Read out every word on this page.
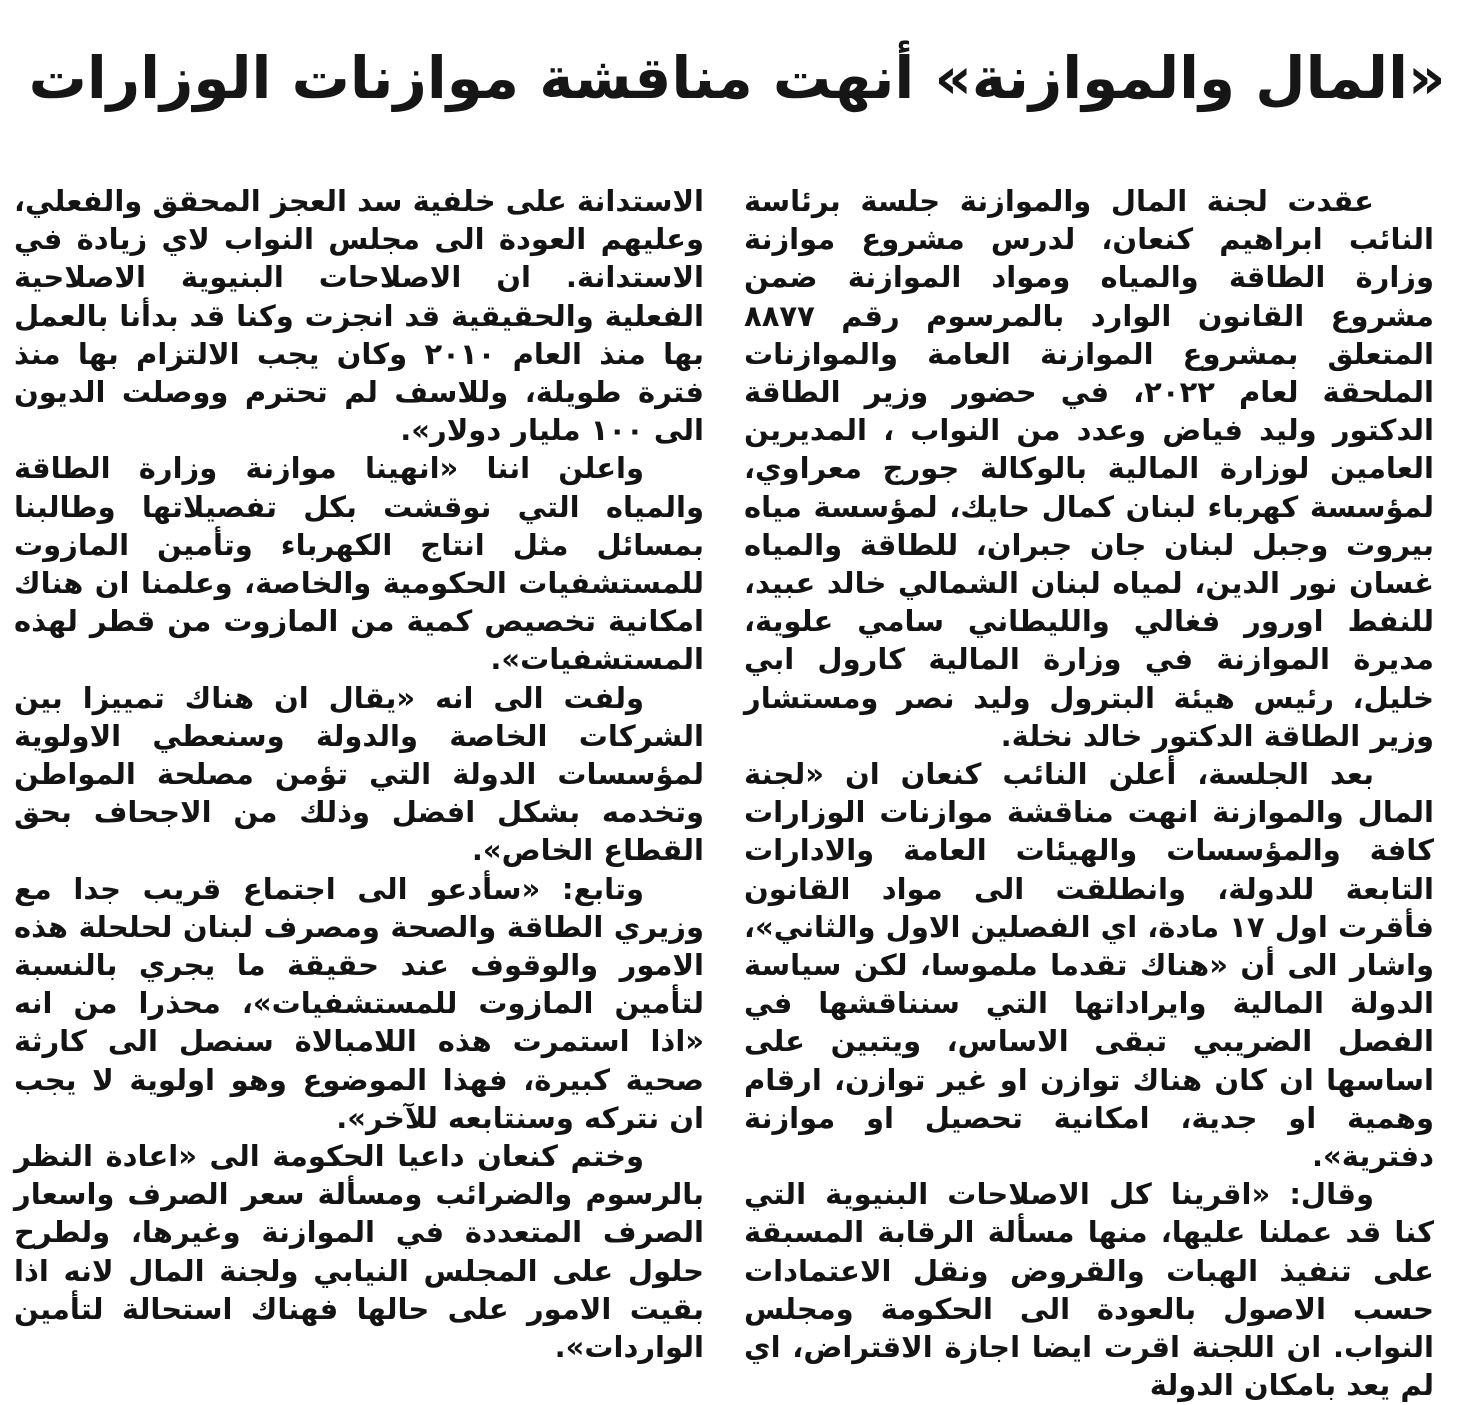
«المال والموازنة» أنهت مناقشة موازنات الوزارات

عقدت لجنة المال والموازنة جلسة برئاسة النائب ابراهيم كنعان، لدرس مشروع موازنة وزارة الطاقة والمياه ومواد الموازنة ضمن مشروع القانون الوارد بالمرسوم رقم ٨٨٧٧ المتعلق بمشروع الموازنة العامة والموازنات الملحقة لعام ٢٠٢٢، في حضور وزير الطاقة الدكتور وليد فياض وعدد من النواب ، المديرين العامين لوزارة المالية بالوكالة جورج معراوي، لمؤسسة كهرباء لبنان كمال حايك، لمؤسسة مياه بيروت وجبل لبنان جان جبران، للطاقة والمياه غسان نور الدين، لمياه لبنان الشمالي خالد عبيد، للنفط اورور فغالي والليطاني سامي علوية، مديرة الموازنة في وزارة المالية كارول ابي خليل، رئيس هيئة البترول وليد نصر ومستشار وزير الطاقة الدكتور خالد نخلة.

بعد الجلسة، أعلن النائب كنعان ان «لجنة المال والموازنة انهت مناقشة موازنات الوزارات كافة والمؤسسات والهيئات العامة والادارات التابعة للدولة، وانطلقت الى مواد القانون فأقرت اول ١٧ مادة، اي الفصلين الاول والثاني»، واشار الى أن «هناك تقدما ملموسا، لكن سياسة الدولة المالية وايراداتها التي سنناقشها في الفصل الضريبي تبقى الاساس، ويتبين على اساسها ان كان هناك توازن او غير توازن، ارقام وهمية او جدية، امكانية تحصيل او موازنة دفترية».

وقال: «اقرينا كل الاصلاحات البنيوية التي كنا قد عملنا عليها، منها مسألة الرقابة المسبقة على تنفيذ الهبات والقروض ونقل الاعتمادات حسب الاصول بالعودة الى الحكومة ومجلس النواب. ان اللجنة اقرت ايضا اجازة الاقتراض، اي لم يعد بامكان الدولة

الاستدانة على خلفية سد العجز المحقق والفعلي، وعليهم العودة الى مجلس النواب لاي زيادة في الاستدانة. ان الاصلاحات البنيوية الاصلاحية الفعلية والحقيقية قد انجزت وكنا قد بدأنا بالعمل بها منذ العام ٢٠١٠ وكان يجب الالتزام بها منذ فترة طويلة، وللاسف لم تحترم ووصلت الديون الى ١٠٠ مليار دولار».

واعلن اننا «انهينا موازنة وزارة الطاقة والمياه التي نوقشت بكل تفصيلاتها وطالبنا بمسائل مثل انتاج الكهرباء وتأمين المازوت للمستشفيات الحكومية والخاصة، وعلمنا ان هناك امكانية تخصيص كمية من المازوت من قطر لهذه المستشفيات».

ولفت الى انه «يقال ان هناك تمييزا بين الشركات الخاصة والدولة وسنعطي الاولوية لمؤسسات الدولة التي تؤمن مصلحة المواطن وتخدمه بشكل افضل وذلك من الاجحاف بحق القطاع الخاص».

وتابع: «سأدعو الى اجتماع قريب جدا مع وزيري الطاقة والصحة ومصرف لبنان لحلحلة هذه الامور والوقوف عند حقيقة ما يجري بالنسبة لتأمين المازوت للمستشفيات»، محذرا من انه «اذا استمرت هذه اللامبالاة سنصل الى كارثة صحية كبيرة، فهذا الموضوع وهو اولوية لا يجب ان نتركه وسنتابعه للآخر».

وختم كنعان داعيا الحكومة الى «اعادة النظر بالرسوم والضرائب ومسألة سعر الصرف واسعار الصرف المتعددة في الموازنة وغيرها، ولطرح حلول على المجلس النيابي ولجنة المال لانه اذا بقيت الامور على حالها فهناك استحالة لتأمين الواردات».
